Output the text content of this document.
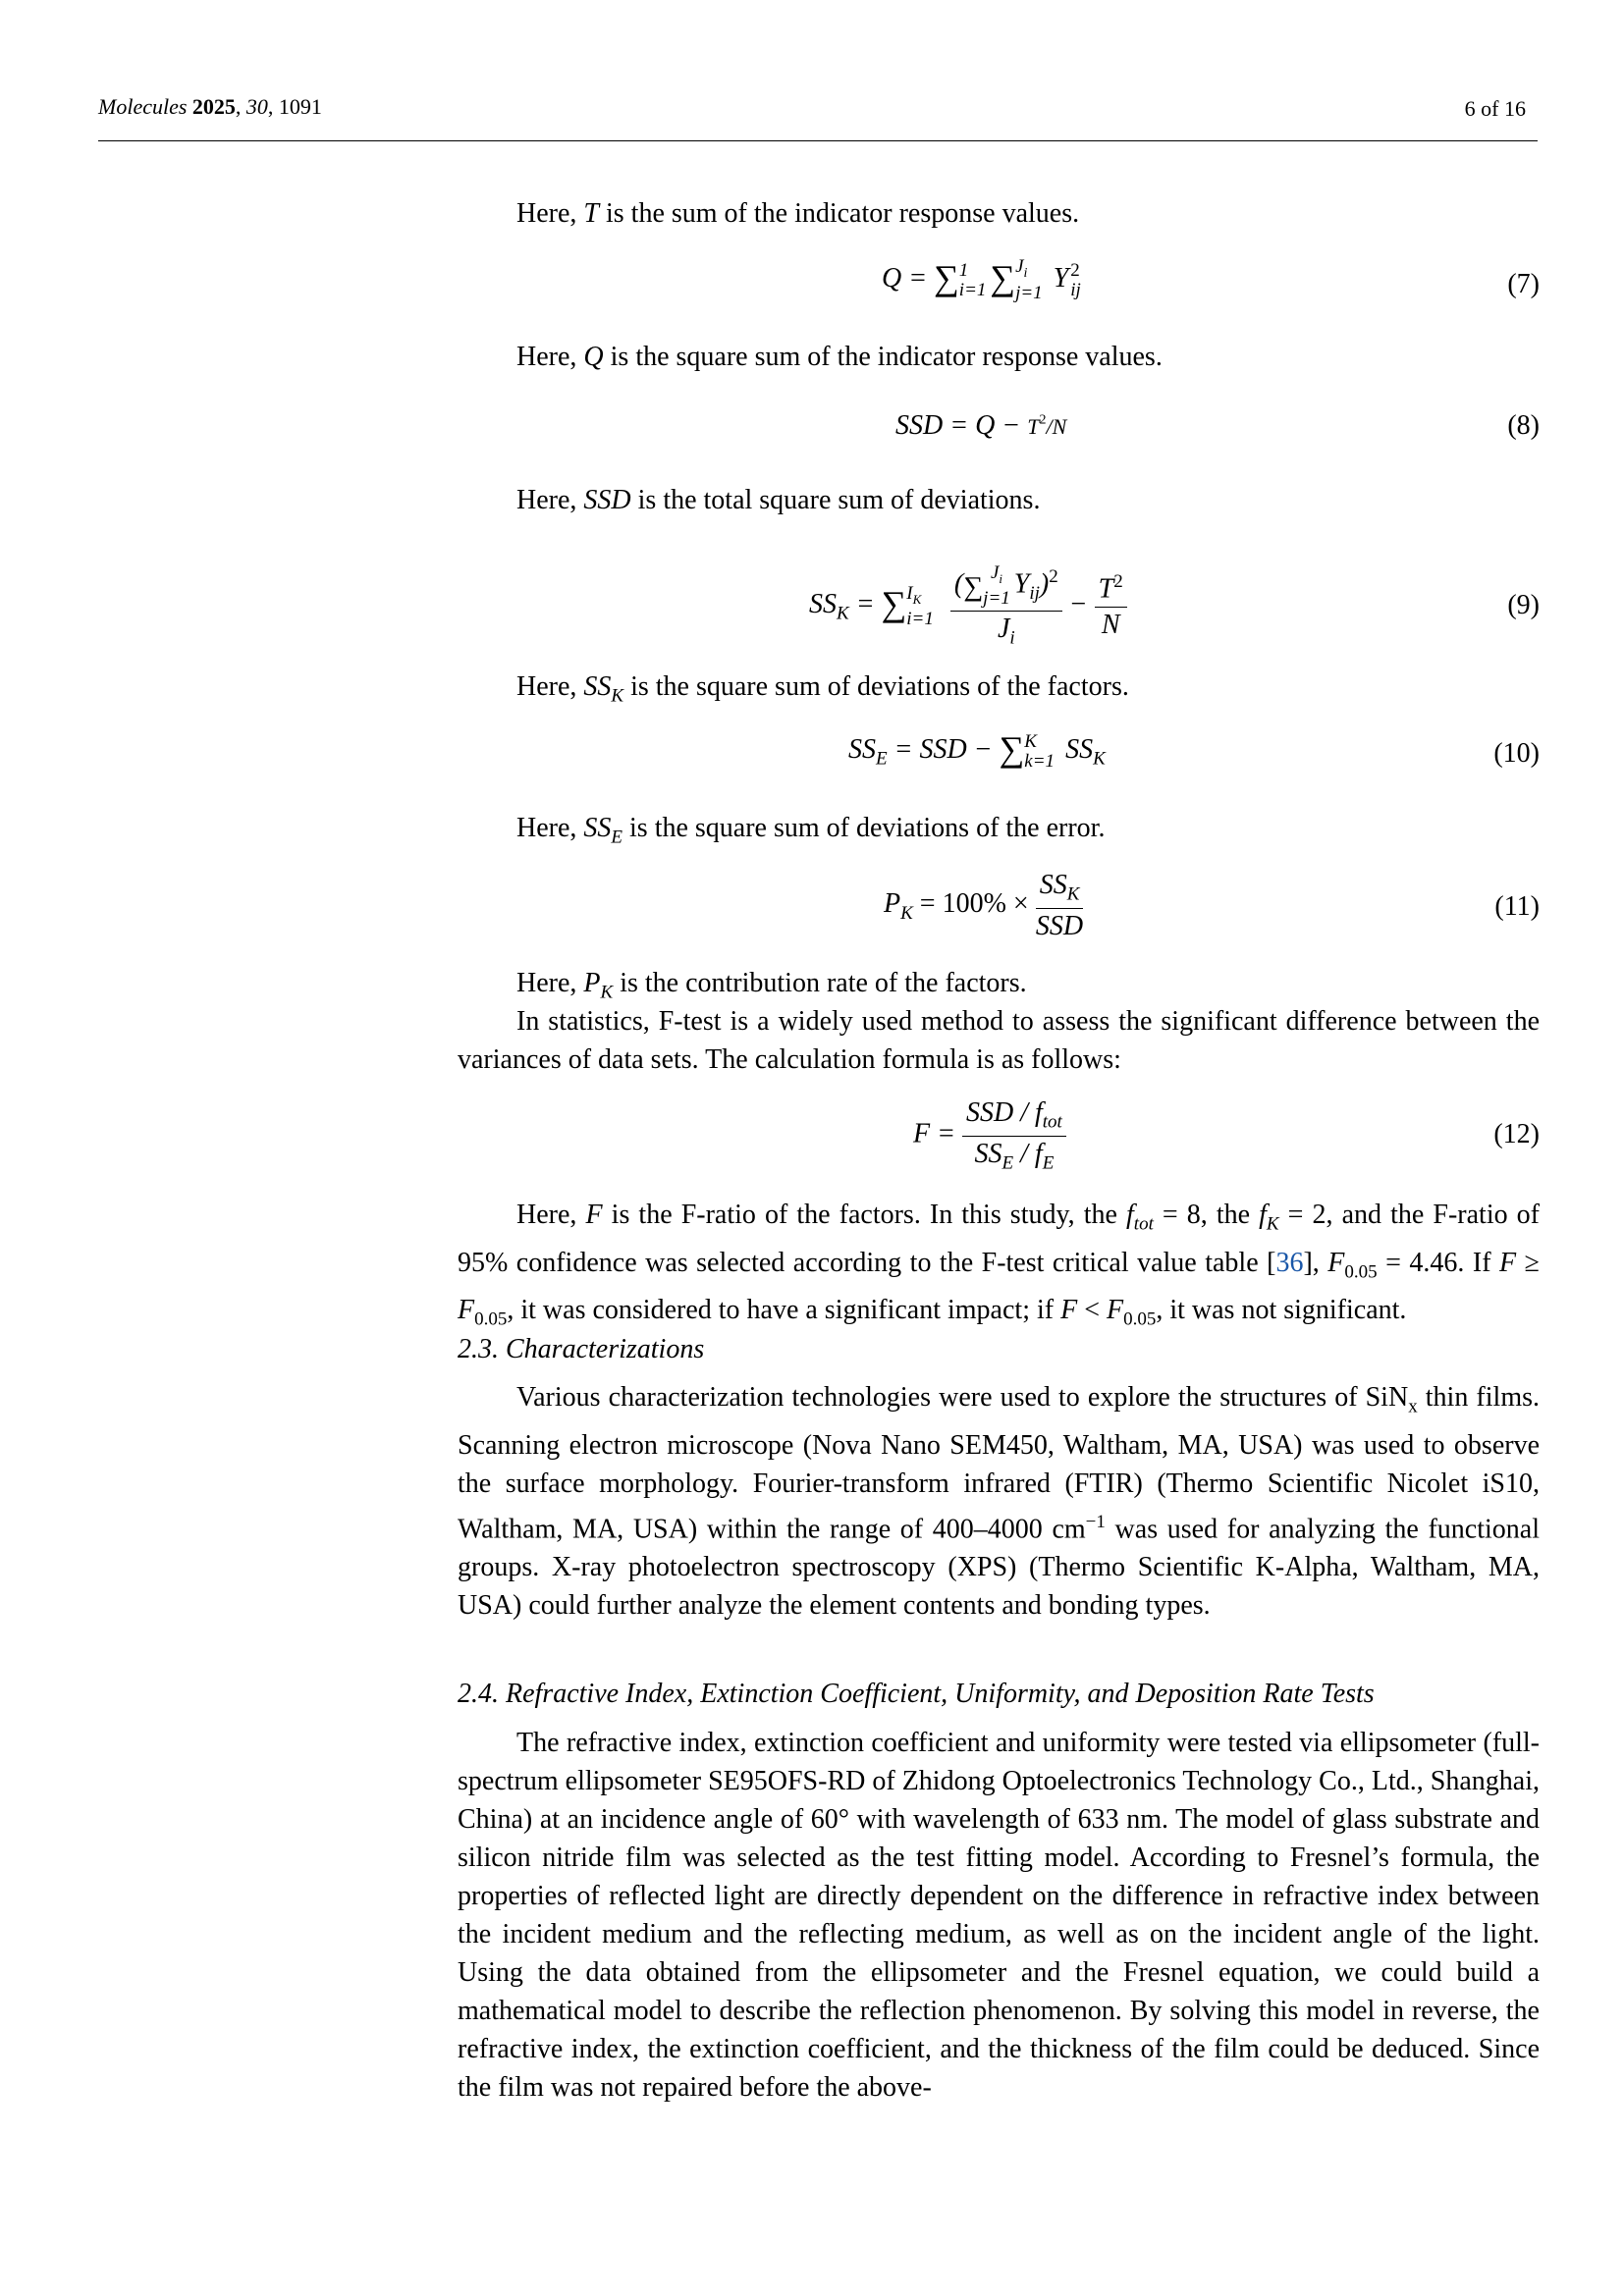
Molecules 2025, 30, 1091	6 of 16
Here, T is the sum of the indicator response values.
Q = ∑ 1
i=1 ∑ $J_i$
j=1 Y 2
ij	(7)
Here, Q is the square sum of the indicator response values.
SSD = $Q - T^2/N$	(8)
Here, SSD is the total square sum of deviations.
$SS_K$ = ∑ $I_K$
i=1
(∑ $J_i$
j=1 $Y_{ij})^2$
$J_i - \frac{T^2}{N}$	(9)
Here, $SS_K$ is the square sum of deviations of the factors.
$SS_E$ = SSD − ∑ K
k=1 $SS_K$	(10)
Here, $SS_E$ is the square sum of deviations of the error.
$P_K = 100\% \times \frac{SS_K}{\text{SSD}}$	(11)
Here, $P_K$ is the contribution rate of the factors.
In statistics, F-test is a widely used method to assess the significant difference between the variances of data sets. The calculation formula is as follows:
$F = \frac{SSD / f_{tot}}{SS_E / f_E}$	(12)
Here, F is the F-ratio of the factors. In this study, the $f_{tot} = 8$, the $f_K = 2$, and the F-ratio of 95% confidence was selected according to the F-test critical value table [36], $F_{0.05} = 4.46$. If $F \ge F_{0.05}$, it was considered to have a significant impact; if $F < F_{0.05}$, it was not significant.
2.3. Characterizations
Various characterization technologies were used to explore the structures of SiN$_x$ thin films. Scanning electron microscope (Nova Nano SEM450, Waltham, MA, USA) was used to observe the surface morphology. Fourier-transform infrared (FTIR) (Thermo Scientific Nicolet iS10, Waltham, MA, USA) within the range of 400–4000 $cm^{-1}$ was used for analyzing the functional groups. X-ray photoelectron spectroscopy (XPS) (Thermo Scientific K-Alpha, Waltham, MA, USA) could further analyze the element contents and bonding types.
2.4. Refractive Index, Extinction Coefficient, Uniformity, and Deposition Rate Tests
The refractive index, extinction coefficient and uniformity were tested via ellipsometer (full-spectrum ellipsometer SE95OFS-RD of Zhidong Optoelectronics Technology Co., Ltd., Shanghai, China) at an incidence angle of 60° with wavelength of 633 nm. The model of glass substrate and silicon nitride film was selected as the test fitting model. According to Fresnel’s formula, the properties of reflected light are directly dependent on the difference in refractive index between the incident medium and the reflecting medium, as well as on the incident angle of the light. Using the data obtained from the ellipsometer and the Fresnel equation, we could build a mathematical model to describe the reflection phenomenon. By solving this model in reverse, the refractive index, the extinction coefficient, and the thickness of the film could be deduced. Since the film was not repaired before the above-
